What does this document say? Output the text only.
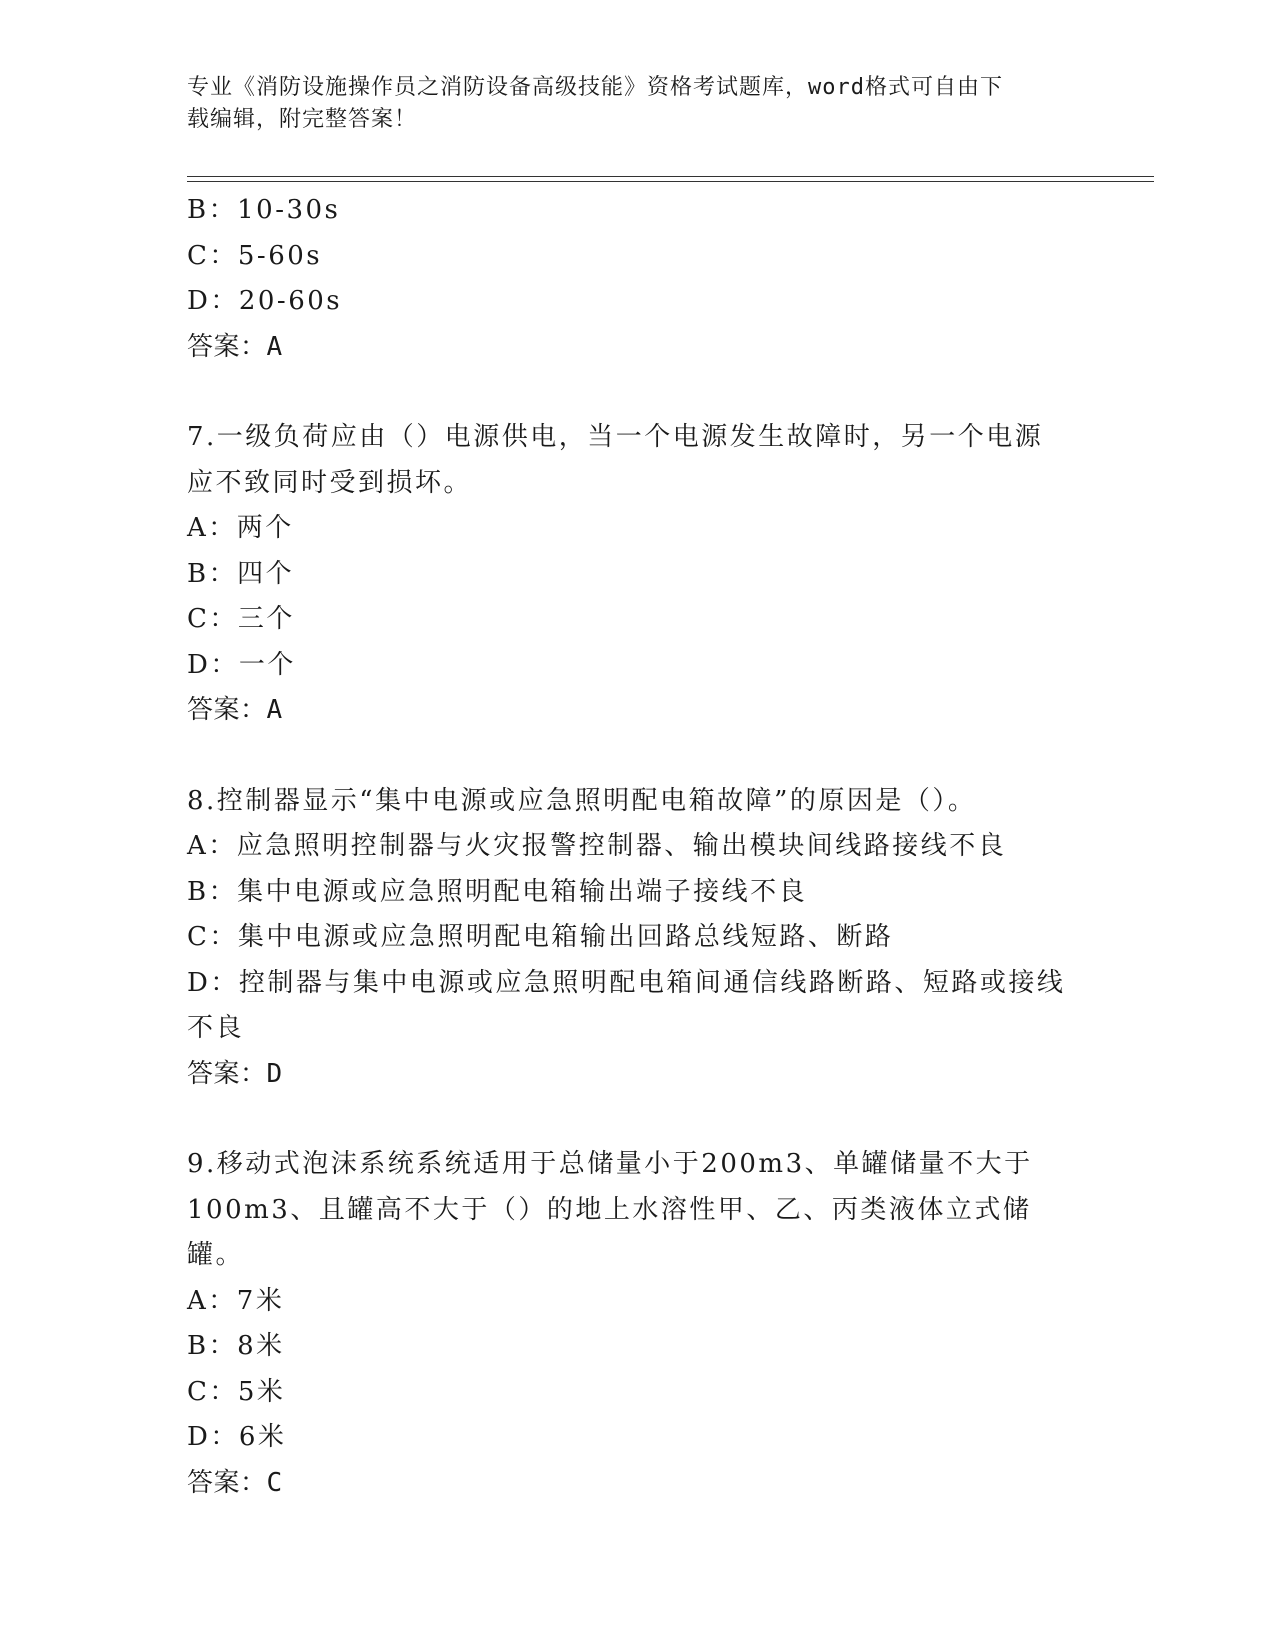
专业《消防设施操作员之消防设备高级技能》资格考试题库，word格式可自由下
载编辑，附完整答案！
B：10-30s
C：5-60s
D：20-60s
答案：A
7.一级负荷应由（）电源供电，当一个电源发生故障时，另一个电源
应不致同时受到损坏。
A：两个
B：四个
C：三个
D：一个
答案：A
8.控制器显示“集中电源或应急照明配电箱故障”的原因是（）。
A：应急照明控制器与火灾报警控制器、输出模块间线路接线不良
B：集中电源或应急照明配电箱输出端子接线不良
C：集中电源或应急照明配电箱输出回路总线短路、断路
D：控制器与集中电源或应急照明配电箱间通信线路断路、短路或接线
不良
答案：D
9.移动式泡沫系统系统适用于总储量小于200m3、单罐储量不大于
100m3、且罐高不大于（）的地上水溶性甲、乙、丙类液体立式储罐。
A：7米
B：8米
C：5米
D：6米
答案：C
